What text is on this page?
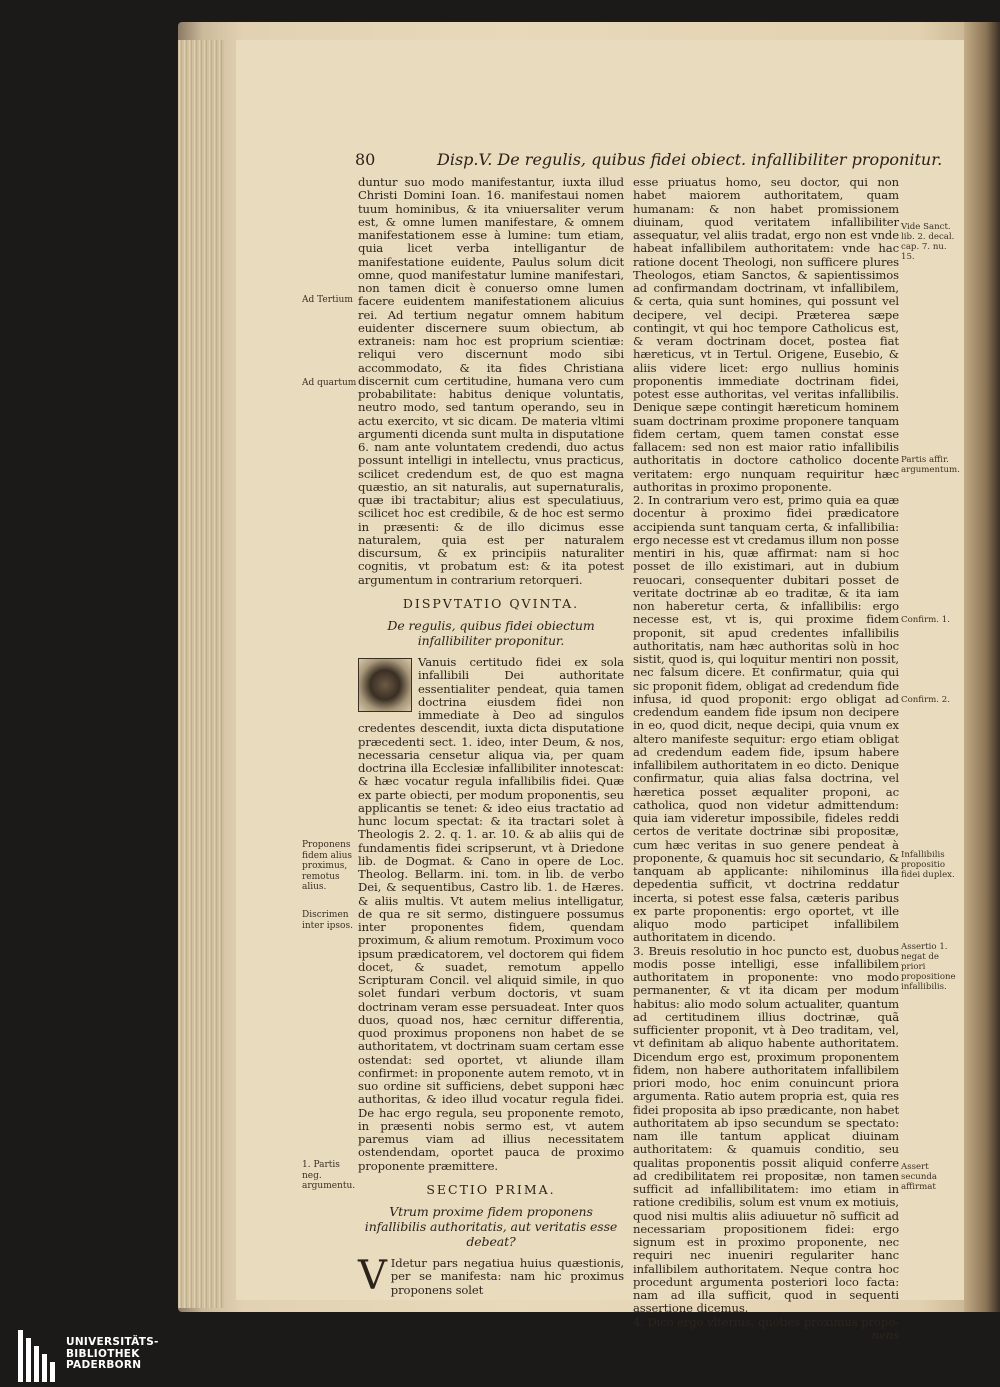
80	Disp.V. De regulis, quibus fidei obiect. infallibiliter proponitur.

duntur suo modo manifestantur, iuxta illud Christi Domini Ioan. 16. manifestaui nomen tuum hominibus, & ita vniuersaliter verum est, & omne lumen manifestare, & omnem manifestationem esse à lumine: tum etiam, quia licet verba intelligantur de manifestatione euidente, Paulus solum dicit omne, quod manifestatur lumine manifestari, non tamen dicit è conuerso omne lumen facere euidentem manifestationem alicuius rei. Ad tertium negatur omnem habitum euidenter discernere suum obiectum, ab extraneis: nam hoc est proprium scientiæ: reliqui vero discernunt modo sibi accommodato, & ita fides Christiana discernit cum certitudine, humana vero cum probabilitate: habitus denique voluntatis, neutro modo, sed tantum operando, seu in actu exercito, vt sic dicam. De materia vltimi argumenti dicenda sunt multa in disputatione 6. nam ante voluntatem credendi, duo actus possunt intelligi in intellectu, vnus practicus, scilicet credendum est, de quo est magna quæstio, an sit naturalis, aut supernaturalis, quæ ibi tractabitur; alius est speculatiuus, scilicet hoc est credibile, & de hoc est sermo in præsenti: & de illo dicimus esse naturalem, quia est per naturalem discursum, & ex principiis naturaliter cognitis, vt probatum est: & ita potest argumentum in contrarium retorqueri.

DISPVTATIO QVINTA.
De regulis, quibus fidei obiectum infallibiliter proponitur.

Vanuis certitudo fidei ex sola infallibili Dei authoritate essentialiter pendeat, quia tamen doctrina eiusdem fidei non immediate à Deo ad singulos credentes descendit, iuxta dicta disputatione præcedenti sect. 1. ideo, inter Deum, & nos, necessaria censetur aliqua via, per quam doctrina illa Ecclesiæ infallibiliter innotescat: & hæc vocatur regula infallibilis fidei. Quæ ex parte obiecti, per modum proponentis, seu applicantis se tenet: & ideo eius tractatio ad hunc locum spectat: & ita tractari solet à Theologis 2. 2. q. 1. ar. 10. & ab aliis qui de fundamentis fidei scripserunt, vt à Driedone lib. de Dogmat. & Cano in opere de Loc. Theolog. Bellarm. ini. tom. in lib. de verbo Dei, & sequentibus, Castro lib. 1. de Hæres. & aliis multis. Vt autem melius intelligatur, de qua re sit sermo, distinguere possumus inter proponentes fidem, quendam proximum, & alium remotum. Proximum voco ipsum prædicatorem, vel doctorem qui fidem docet, & suadet, remotum appello Scripturam Concil. vel aliquid simile, in quo solet fundari verbum doctoris, vt suam doctrinam veram esse persuadeat. Inter quos duos, quoad nos, hæc cernitur differentia, quod proximus proponens non habet de se authoritatem, vt doctrinam suam certam esse ostendat: sed oportet, vt aliunde illam confirmet: in proponente autem remoto, vt in suo ordine sit sufficiens, debet supponi hæc authoritas, & ideo illud vocatur regula fidei. De hac ergo regula, seu proponente remoto, in præsenti nobis sermo est, vt autem paremus viam ad illius necessitatem ostendendam, oportet pauca de proximo proponente præmittere.

SECTIO PRIMA.
Vtrum proxime fidem proponens infallibilis authoritatis, aut veritatis esse debeat?
V Idetur pars negatiua huius quæstionis, per se manifesta: nam hic proximus proponens solet

esse priuatus homo, seu doctor, qui non habet maiorem authoritatem, quam humanam: & non habet promissionem diuinam, quod veritatem infallibiliter assequatur, vel aliis tradat, ergo non est vnde habeat infallibilem authoritatem: vnde hac ratione docent Theologi, non sufficere plures Theologos, etiam Sanctos, & sapientissimos ad confirmandam doctrinam, vt infallibilem, & certa, quia sunt homines, qui possunt vel decipere, vel decipi. Præterea sæpe contingit, vt qui hoc tempore Catholicus est, & veram doctrinam docet, postea fiat hæreticus, vt in Tertul. Origene, Eusebio, & aliis videre licet: ergo nullius hominis proponentis immediate doctrinam fidei, potest esse authoritas, vel veritas infallibilis. Denique sæpe contingit hæreticum hominem suam doctrinam proxime proponere tanquam fidem certam, quem tamen constat esse fallacem: sed non est maior ratio infallibilis authoritatis in doctore catholico docente veritatem: ergo nunquam requiritur hæc authoritas in proximo proponente.

2. In contrarium vero est, primo quia ea quæ docentur à proximo fidei prædicatore accipienda sunt tanquam certa, & infallibilia: ergo necesse est vt credamus illum non posse mentiri in his, quæ affirmat: nam si hoc posset de illo existimari, aut in dubium reuocari, consequenter dubitari posset de veritate doctrinæ ab eo traditæ, & ita iam non haberetur certa, & infallibilis: ergo necesse est, vt is, qui proxime fidem proponit, sit apud credentes infallibilis authoritatis, nam hæc authoritas solù in hoc sistit, quod is, qui loquitur mentiri non possit, nec falsum dicere. Et confirmatur, quia qui sic proponit fidem, obligat ad credendum fide infusa, id quod proponit: ergo obligat ad credendum eandem fide ipsum non decipere in eo, quod dicit, neque decipi, quia vnum ex altero manifeste sequitur: ergo etiam obligat ad credendum eadem fide, ipsum habere infallibilem authoritatem in eo dicto. Denique confirmatur, quia alias falsa doctrina, vel hæretica posset æqualiter proponi, ac catholica, quod non videtur admittendum: quia iam videretur impossibile, fideles reddi certos de veritate doctrinæ sibi propositæ, cum hæc veritas in suo genere pendeat à proponente, & quamuis hoc sit secundario, & tanquam ab applicante: nihilominus illa depedentia sufficit, vt doctrina reddatur incerta, si potest esse falsa, cæteris paribus ex parte proponentis: ergo oportet, vt ille aliquo modo participet infallibilem authoritatem in dicendo.

3. Breuis resolutio in hoc puncto est, duobus modis posse intelligi, esse infallibilem authoritatem in proponente: vno modo permanenter, & vt ita dicam per modum habitus: alio modo solum actualiter, quantum ad certitudinem illius doctrinæ, quã sufficienter proponit, vt à Deo traditam, vel, vt definitam ab aliquo habente authoritatem. Dicendum ergo est, proximum proponentem fidem, non habere authoritatem infallibilem priori modo, hoc enim conuincunt priora argumenta. Ratio autem propria est, quia res fidei proposita ab ipso prædicante, non habet authoritatem ab ipso secundum se spectato: nam ille tantum applicat diuinam authoritatem: & quamuis conditio, seu qualitas proponentis possit aliquid conferre ad credibilitatem rei propositæ, non tamen sufficit ad infallibilitatem: imo etiam in ratione credibilis, solum est vnum ex motiuis, quod nisi multis aliis adiuuetur nõ sufficit ad necessariam propositionem fidei: ergo signum est in proximo proponente, nec requiri nec inueniri regulariter hanc infallibilem authoritatem. Neque contra hoc procedunt argumenta posteriori loco facta: nam ad illa sufficit, quod in sequenti assertione dicemus.

4. Dico ergo vlterius, quoties proximus propo-

nens
Ad Tertium
Ad quartum
Proponens fidem alius proximus, remotus alius.
Discrimen inter ipsos.
1. Partis neg. argumentu.
Vide Sanct. lib. 2. decal. cap. 7. nu. 15.
Partis affir. argumentum.
Confirm. 1.
Confirm. 2.
Infallibilis propositio fidei duplex.
Assertio 1. negat de priori propositione infallibilis.
Assert secunda affirmat
UNIVERSITÄTS-
BIBLIOTHEK
PADERBORN
